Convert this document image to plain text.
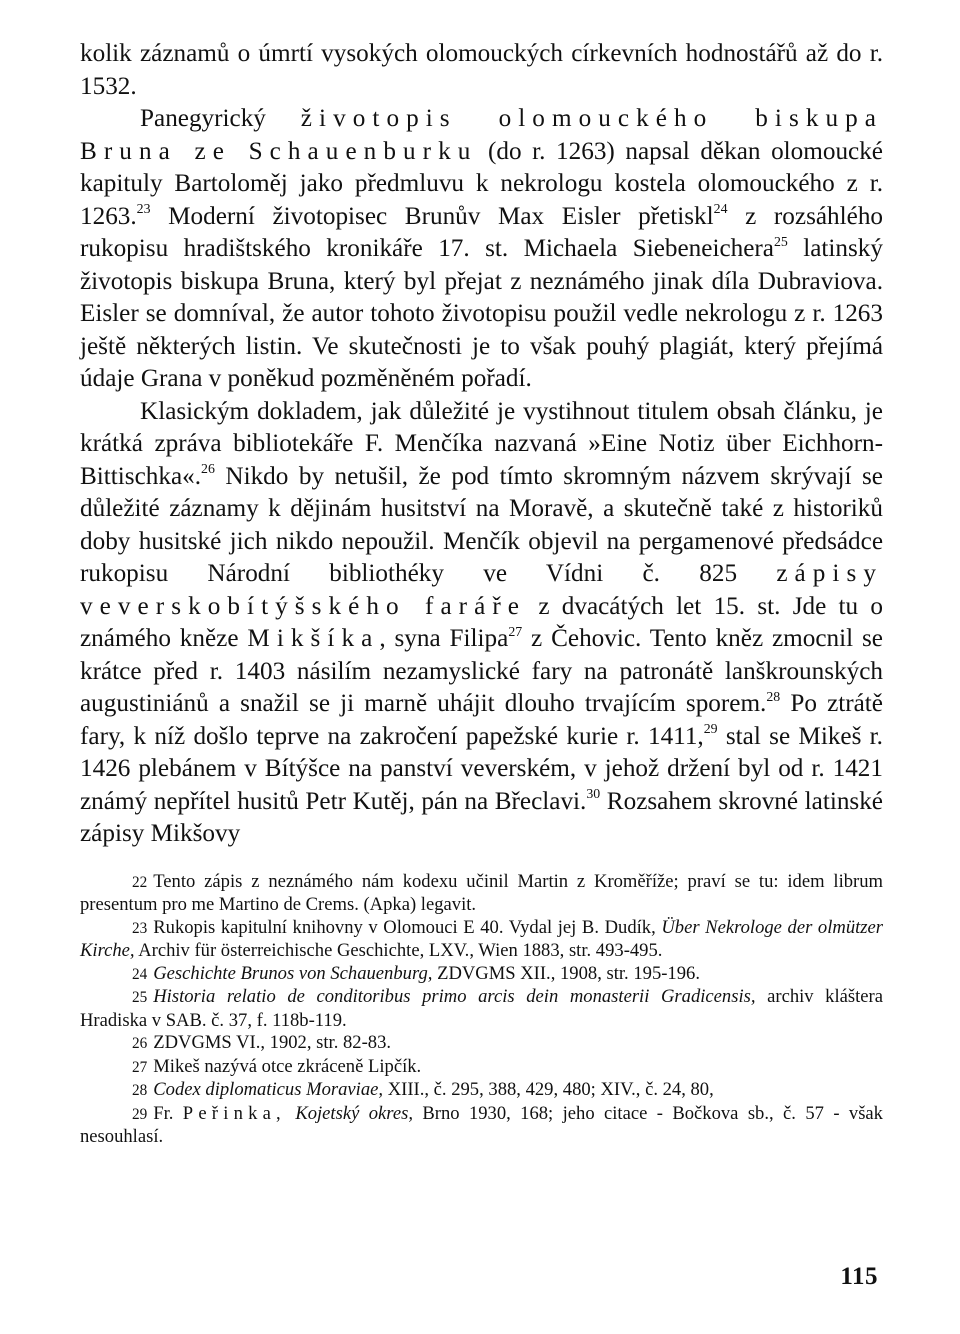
kolik záznamů o úmrtí vysokých olomouckých církevních hodnostářů až do r. 1532.

Panegyrický životopis olomouckého biskupa Bruna ze Schauenburku (do r. 1263) napsal děkan olomoucké kapituly Bartoloměj jako předmluvu k nekrologu kostela olomouckého z r. 1263.23 Moderní životopisec Brunův Max Eisler přetiskl$^{24}$ z rozsáhlého rukopisu hradištského kronikáře 17. st. Michaela Siebeneichera$^{25}$ latinský životopis biskupa Bruna, který byl přejat z neznámého jinak díla Dubraviova. Eisler se domníval, že autor tohoto životopisu použil vedle nekrologu z r. 1263 ještě některých listin. Ve skutečnosti je to však pouhý plagiát, který přejímá údaje Grana v poněkud pozměněném pořadí.

Klasickým dokladem, jak důležité je vystihnout titulem obsah článku, je krátká zpráva bibliotekáře F. Menčíka nazvaná »Eine Notiz über Eichhorn-Bittischka«.$^{26}$ Nikdo by netušil, že pod tímto skromným názvem skrývají se důležité záznamy k dějinám husitství na Moravě, a skutečně také z historiků doby husitské jich nikdo nepoužil. Menčík objevil na pergamenové předsádce rukopisu Národní bibliothéky ve Vídni č. 825 zápisy veverskobítýšského faráře z dvacátých let 15. st. Jde tu o známého kněze Mikšíka, syna Filipa$^{27}$ z Čehovic. Tento kněz zmocnil se krátce před r. 1403 násilím nezamyslické fary na patronátě lanškrounských augustiniánů a snažil se ji marně uhájit dlouho trvajícím sporem.$^{28}$ Po ztrátě fary, k níž došlo teprve na zakročení papežské kurie r. 1411,29 stal se Mikeš r. 1426 plebánem v Bítýšce na panství veverském, v jehož držení byl od r. 1421 známý nepřítel husitů Petr Kutěj, pán na Břeclavi.$^{30}$ Rozsahem skrovné latinské zápisy Mikšovy

22 Tento zápis z neznámého nám kodexu učinil Martin z Kroměříže; praví se tu: idem librum presentum pro me Martino de Crems. (Apka) legavit.

23 Rukopis kapitulní knihovny v Olomouci E 40. Vydal jej B. Dudík, Über Nekrologe der olmützer Kirche, Archiv für österreichische Geschichte, LXV., Wien 1883, str. 493-495.

24 Geschichte Brunos von Schauenburg, ZDVGMS XII., 1908, str. 195-196.

25 Historia relatio de conditoribus primo arcis dein monasterii Gradicensis, archiv kláštera Hradiska v SAB. č. 37, f. 118b-119.

26 ZDVGMS VI., 1902, str. 82-83.

27 Mikeš nazývá otce zkráceně Lipčík.

28 Codex diplomaticus Moraviae, XIII., č. 295, 388, 429, 480; XIV., č. 24, 80,

29 Fr. Peřinka, Kojetský okres, Brno 1930, 168; jeho citace - Bočkova sb., č. 57 - však nesouhlasí.

115
